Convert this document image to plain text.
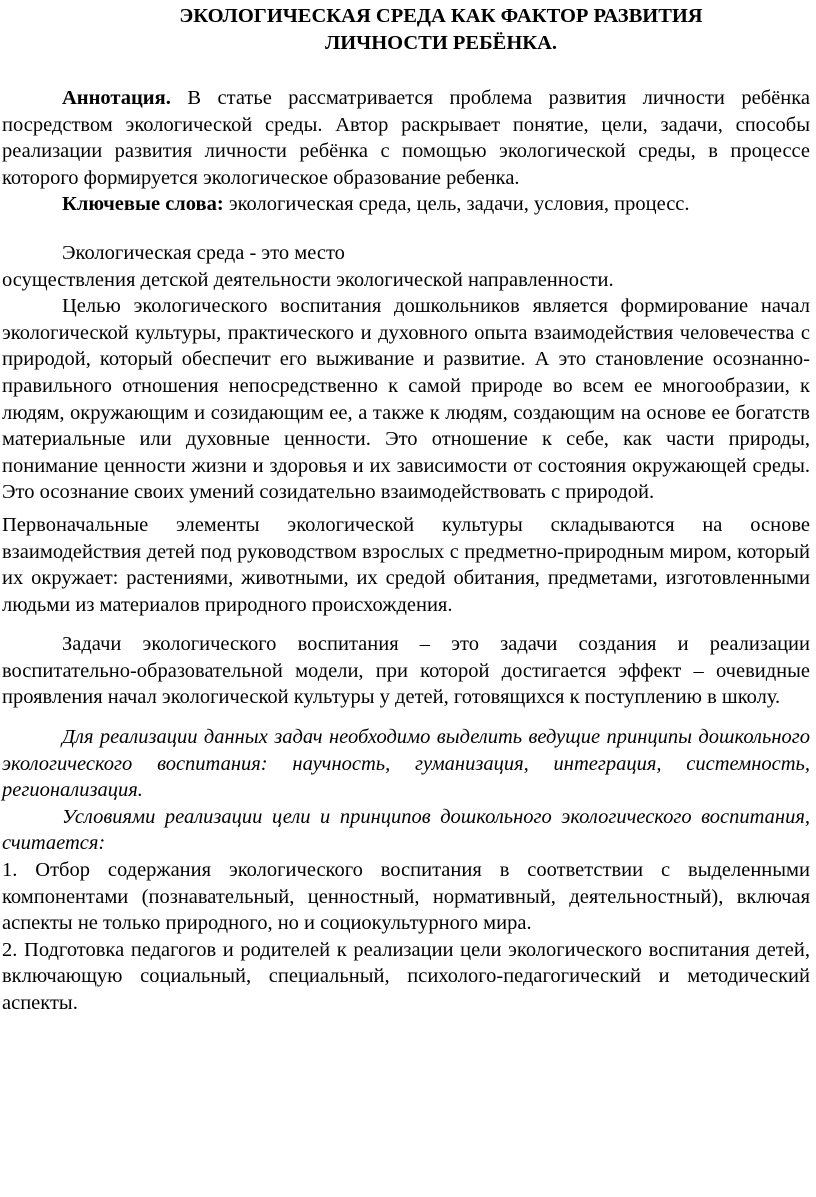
ЭКОЛОГИЧЕСКАЯ СРЕДА КАК ФАКТОР РАЗВИТИЯ
ЛИЧНОСТИ РЕБЁНКА.

Аннотация. В статье рассматривается проблема развития личности ребёнка посредством экологической среды. Автор раскрывает понятие, цели, задачи, способы реализации развития личности ребёнка с помощью экологической среды, в процессе которого формируется экологическое образование ребенка.

Ключевые слова: экологическая среда, цель, задачи, условия, процесс.

Экологическая среда - это место

осуществления детской деятельности экологической направленности.

Целью экологического воспитания дошкольников является формирование начал экологической культуры, практического и духовного опыта взаимодействия человечества с природой, который обеспечит его выживание и развитие. А это становление осознанно-правильного отношения непосредственно к самой природе во всем ее многообразии, к людям, окружающим и созидающим ее, а также к людям, создающим на основе ее богатств материальные или духовные ценности. Это отношение к себе, как части природы, понимание ценности жизни и здоровья и их зависимости от состояния окружающей среды. Это осознание своих умений созидательно взаимодействовать с природой.

Первоначальные элементы экологической культуры складываются на основе взаимодействия детей под руководством взрослых с предметно-природным миром, который их окружает: растениями, животными, их средой обитания, предметами, изготовленными людьми из материалов природного происхождения.

Задачи экологического воспитания – это задачи создания и реализации воспитательно-образовательной модели, при которой достигается эффект – очевидные проявления начал экологической культуры у детей, готовящихся к поступлению в школу.

Для реализации данных задач необходимо выделить ведущие принципы дошкольного экологического воспитания: научность, гуманизация, интеграция, системность, регионализация.

Условиями реализации цели и принципов дошкольного экологического воспитания, считается:

1. Отбор содержания экологического воспитания в соответствии с выделенными компонентами (познавательный, ценностный, нормативный, деятельностный), включая аспекты не только природного, но и социокультурного мира.

2. Подготовка педагогов и родителей к реализации цели экологического воспитания детей, включающую социальный, специальный, психолого-педагогический и методический аспекты.
